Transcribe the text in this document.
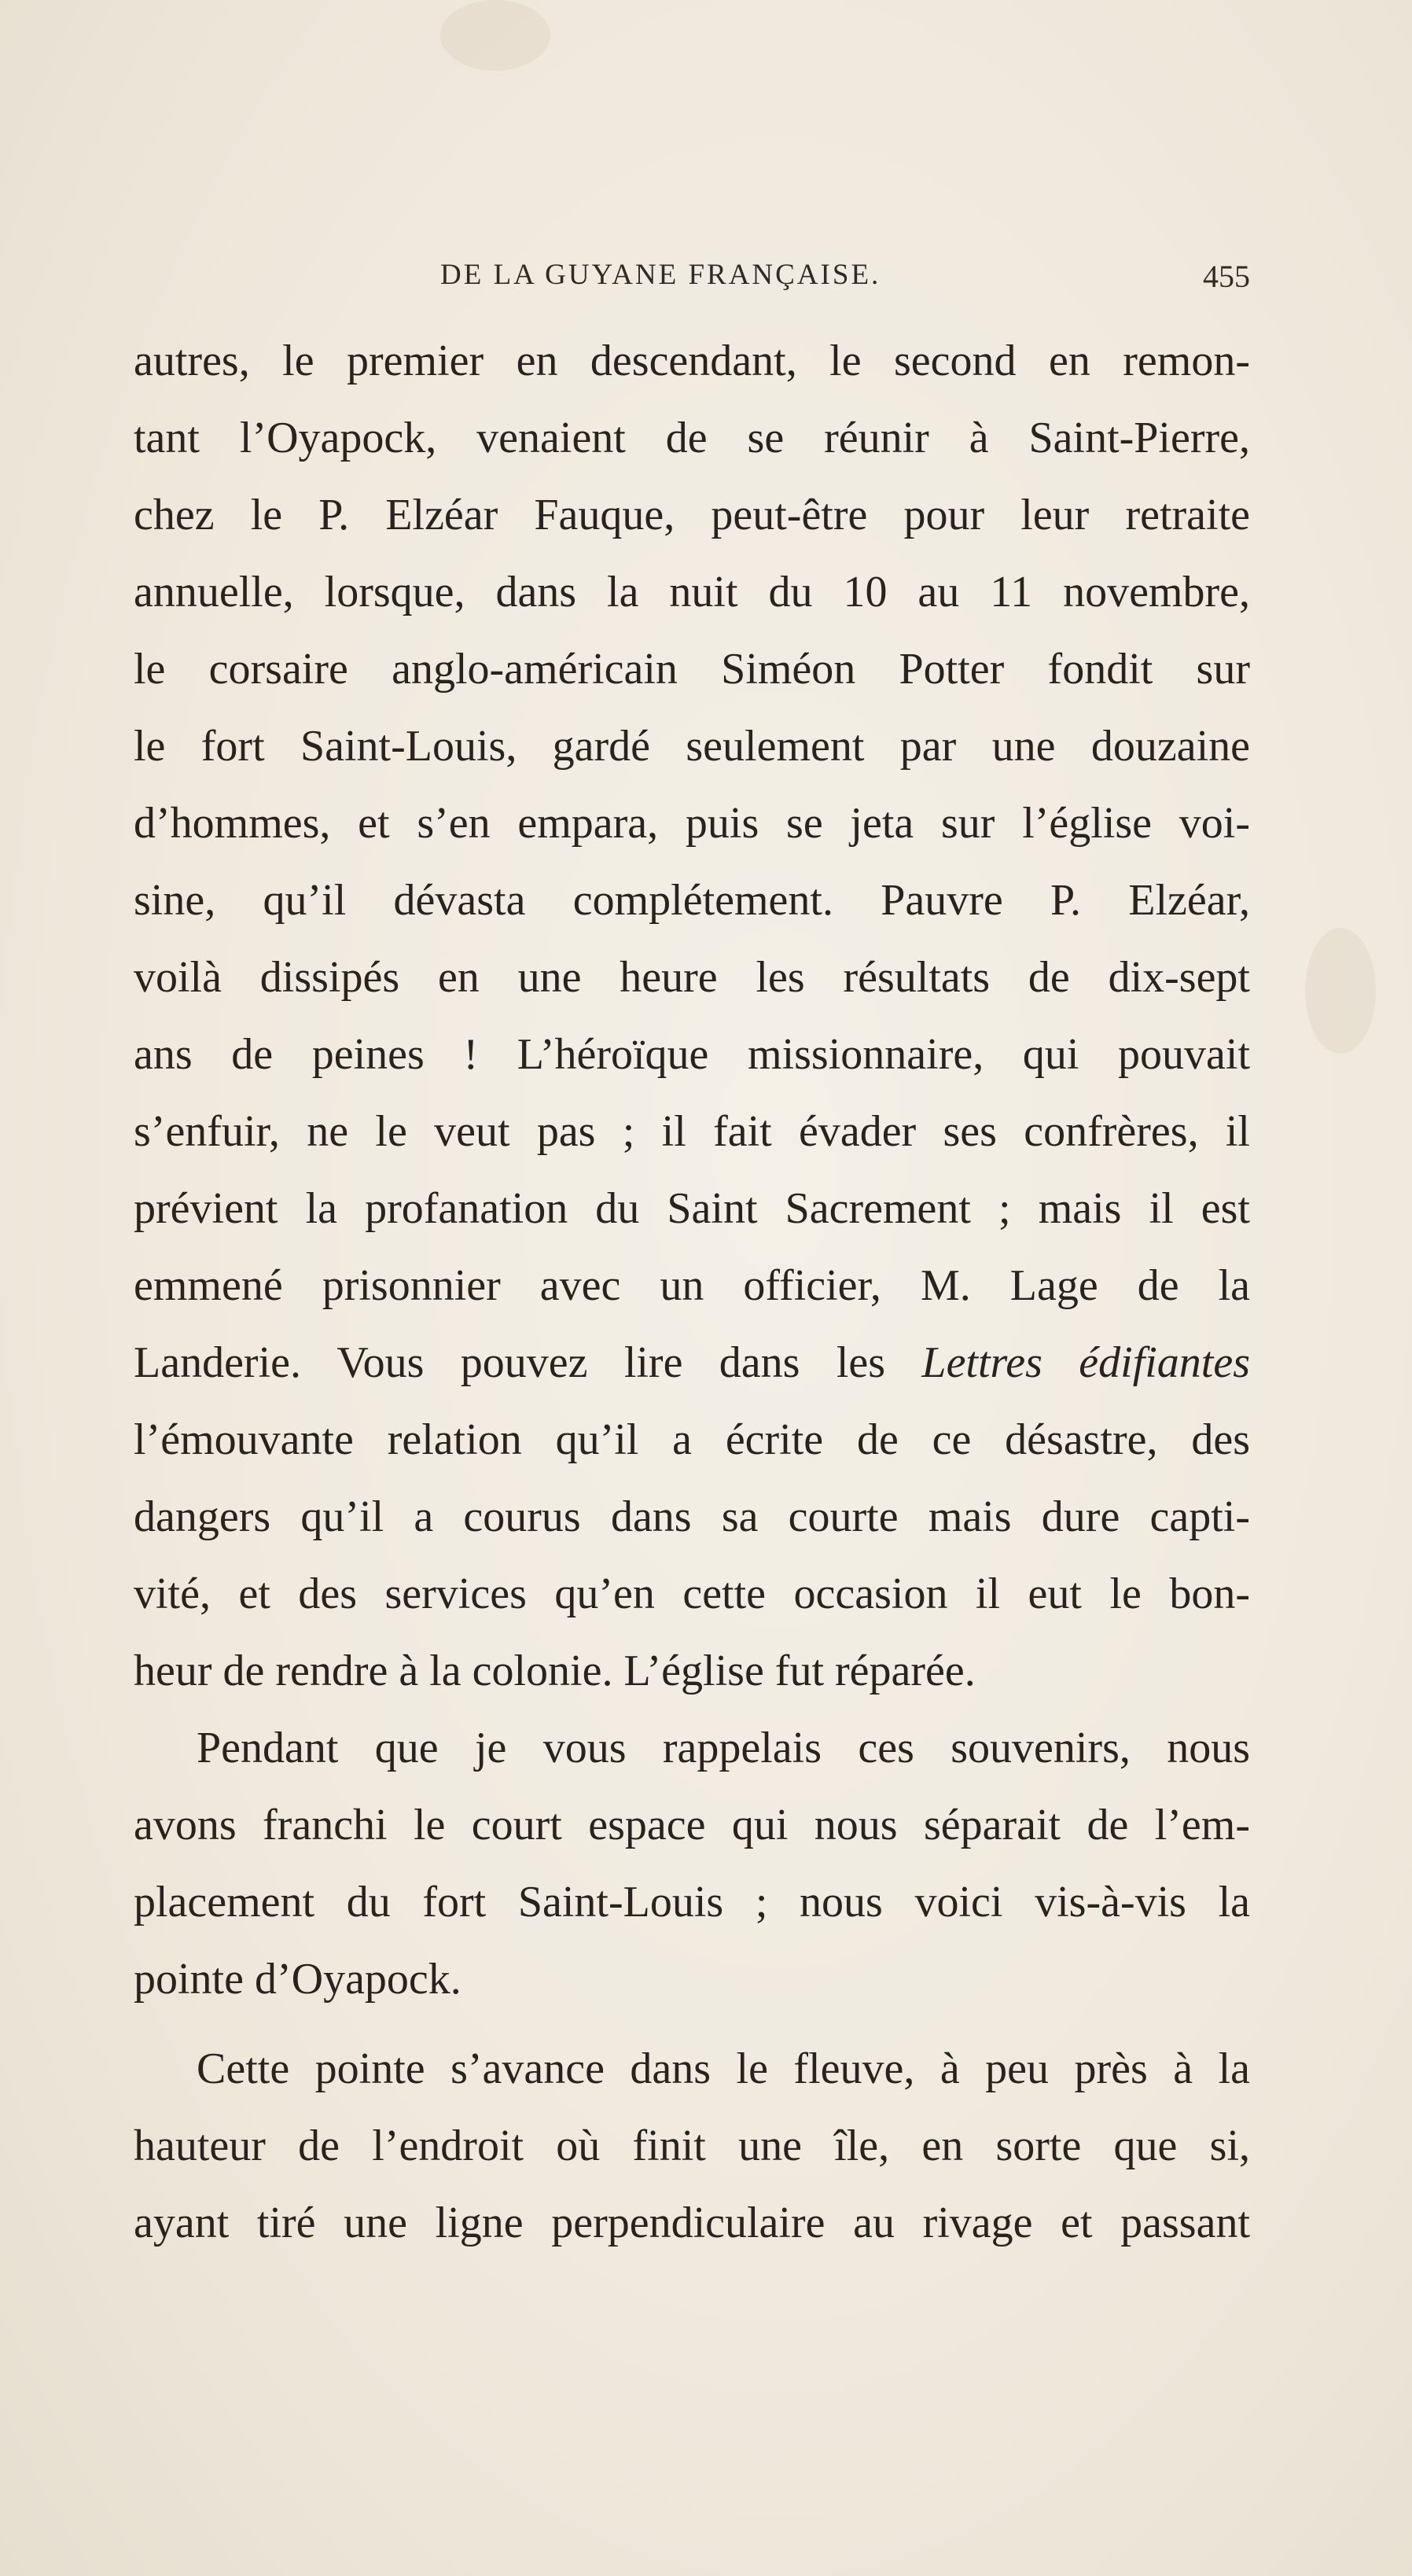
DE LA GUYANE FRANÇAISE.	455
autres, le premier en descendant, le second en remon-
tant l’Oyapock, venaient de se réunir à Saint-Pierre,
chez le P. Elzéar Fauque, peut-être pour leur retraite
annuelle, lorsque, dans la nuit du 10 au 11 novembre,
le corsaire anglo-américain Siméon Potter fondit sur
le fort Saint-Louis, gardé seulement par une douzaine
d’hommes, et s’en empara, puis se jeta sur l’église voi-
sine, qu’il dévasta complétement. Pauvre P. Elzéar,
voilà dissipés en une heure les résultats de dix-sept
ans de peines ! L’héroïque missionnaire, qui pouvait
s’enfuir, ne le veut pas ; il fait évader ses confrères, il
prévient la profanation du Saint Sacrement ; mais il est
emmené prisonnier avec un officier, M. Lage de la
Landerie. Vous pouvez lire dans les Lettres édifiantes
l’émouvante relation qu’il a écrite de ce désastre, des
dangers qu’il a courus dans sa courte mais dure capti-
vité, et des services qu’en cette occasion il eut le bon-
heur de rendre à la colonie. L’église fut réparée.
Pendant que je vous rappelais ces souvenirs, nous
avons franchi le court espace qui nous séparait de l’em-
placement du fort Saint-Louis ; nous voici vis-à-vis la
pointe d’Oyapock.
Cette pointe s’avance dans le fleuve, à peu près à la
hauteur de l’endroit où finit une île, en sorte que si,
ayant tiré une ligne perpendiculaire au rivage et passant
